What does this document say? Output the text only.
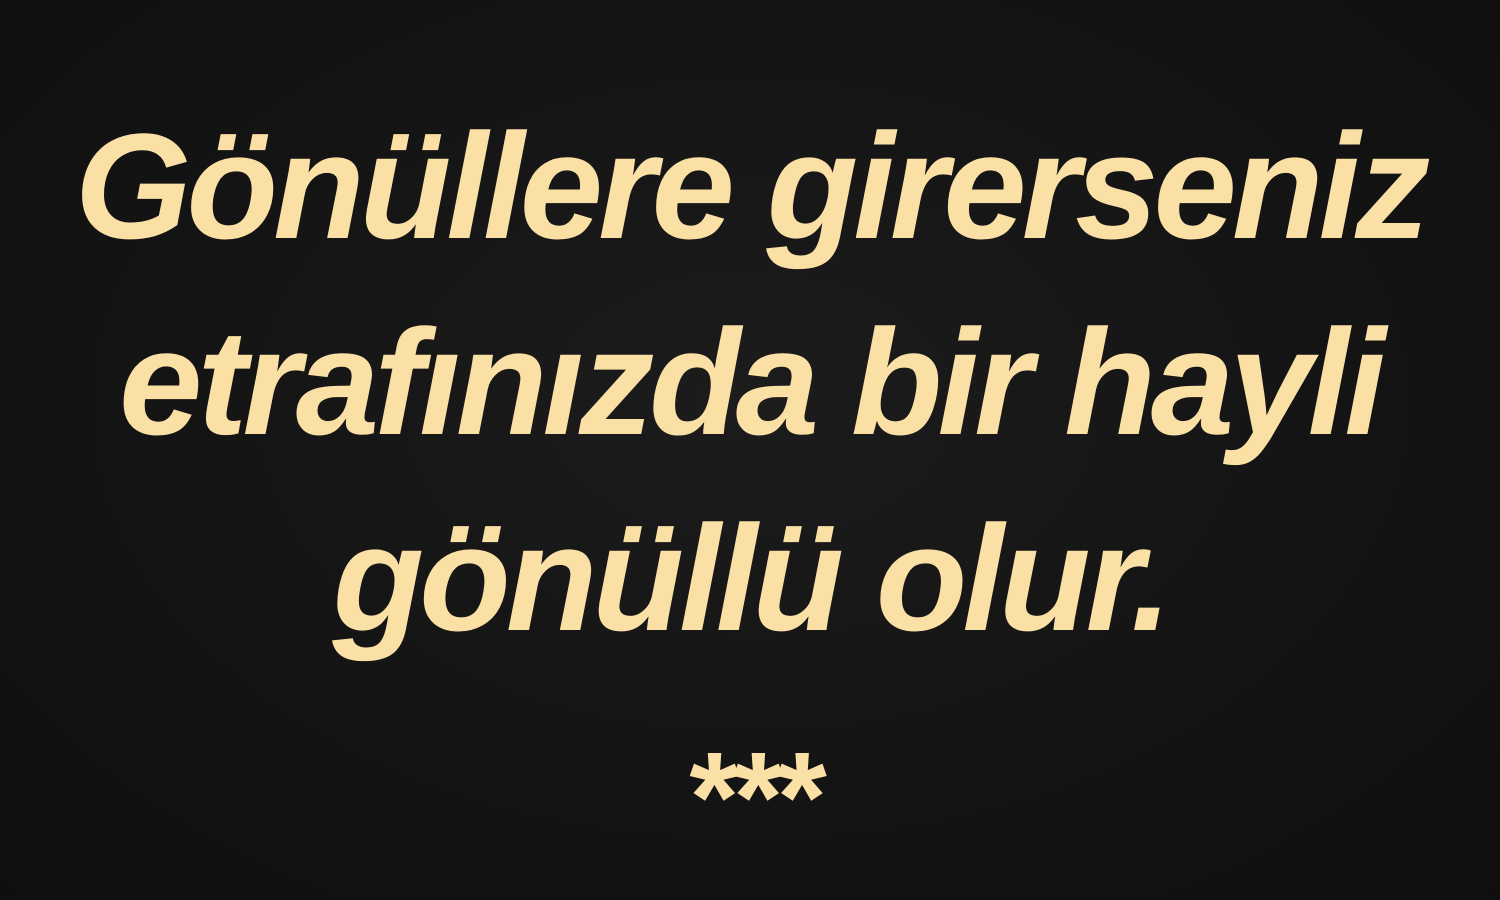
Gönüllere girerseniz
etrafınızda bir hayli
gönüllü olur.

***
